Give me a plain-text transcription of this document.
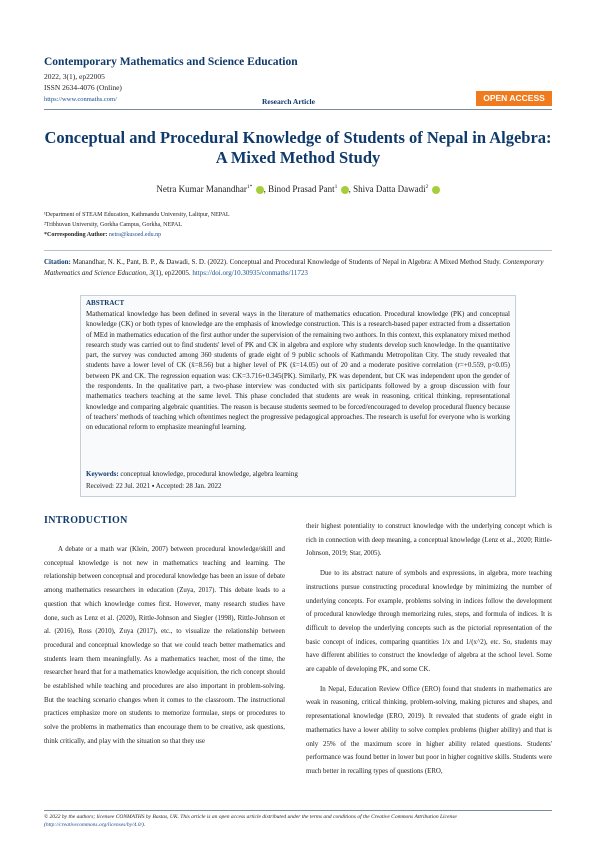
Contemporary Mathematics and Science Education
2022, 3(1), ep22005
ISSN 2634-4076 (Online)
https://www.conmaths.com/	Research Article	OPEN ACCESS
Conceptual and Procedural Knowledge of Students of Nepal in Algebra: A Mixed Method Study
Netra Kumar Manandhar$^{1*}$ , Binod Prasad Pant$^1$ , Shiva Datta Dawadi$^2$
¹Department of STEAM Education, Kathmandu University, Lalitpur, NEPAL
²Tribhuvan University, Gorkha Campus, Gorkha, NEPAL
*Corresponding Author: netra@kusoed.edu.np
Citation: Manandhar, N. K., Pant, B. P., & Dawadi, S. D. (2022). Conceptual and Procedural Knowledge of Students of Nepal in Algebra: A Mixed Method Study. Contemporary Mathematics and Science Education, 3(1), ep22005. https://doi.org/10.30935/conmaths/11723
ABSTRACT
Mathematical knowledge has been defined in several ways in the literature of mathematics education. Procedural knowledge (PK) and conceptual knowledge (CK) or both types of knowledge are the emphasis of knowledge construction. This is a research-based paper extracted from a dissertation of MEd in mathematics education of the first author under the supervision of the remaining two authors. In this context, this explanatory mixed method research study was carried out to find students' level of PK and CK in algebra and explore why students develop such knowledge. In the quantitative part, the survey was conducted among 360 students of grade eight of 9 public schools of Kathmandu Metropolitan City. The study revealed that students have a lower level of CK (x̄=8.56) but a higher level of PK (x̄=14.05) out of 20 and a moderate positive correlation (r=+0.559, p<0.05) between PK and CK. The regression equation was: CK=3.716+0.345(PK). Similarly, PK was dependent, but CK was independent upon the gender of the respondents. In the qualitative part, a two-phase interview was conducted with six participants followed by a group discussion with four mathematics teachers teaching at the same level. This phase concluded that students are weak in reasoning, critical thinking, representational knowledge and comparing algebraic quantities. The reason is because students seemed to be forced/encouraged to develop procedural fluency because of teachers' methods of teaching which oftentimes neglect the progressive pedagogical approaches. The research is useful for everyone who is working on educational reform to emphasize meaningful learning.
Keywords: conceptual knowledge, procedural knowledge, algebra learning
Received: 22 Jul. 2021 ▪ Accepted: 28 Jan. 2022
INTRODUCTION

A debate or a math war (Klein, 2007) between procedural knowledge/skill and conceptual knowledge is not new in mathematics teaching and learning. The relationship between conceptual and procedural knowledge has been an issue of debate among mathematics researchers in education (Zuya, 2017). This debate leads to a question that which knowledge comes first. However, many research studies have done, such as Lenz et al. (2020), Rittle-Johnson and Siegler (1998), Rittle-Johnson et al. (2016), Ross (2010), Zuya (2017), etc., to visualize the relationship between procedural and conceptual knowledge so that we could teach better mathematics and students learn them meaningfully. As a mathematics teacher, most of the time, the researcher heard that for a mathematics knowledge acquisition, the rich concept should be established while teaching and procedures are also important in problem-solving. But the teaching scenario changes when it comes to the classroom. The instructional practices emphasize more on students to memorize formulae, steps or procedures to solve the problems in mathematics than encourage them to be creative, ask questions, think critically, and play with the situation so that they use

their highest potentiality to construct knowledge with the underlying concept which is rich in connection with deep meaning, a conceptual knowledge (Lenz et al., 2020; Rittle-Johnson, 2019; Star, 2005).

Due to its abstract nature of symbols and expressions, in algebra, more teaching instructions pursue constructing procedural knowledge by minimizing the number of underlying concepts. For example, problems solving in indices follow the development of procedural knowledge through memorizing rules, steps, and formula of indices. It is difficult to develop the underlying concepts such as the pictorial representation of the basic concept of indices, comparing quantities 1/x and 1/(x^2), etc. So, students may have different abilities to construct the knowledge of algebra at the school level. Some are capable of developing PK, and some CK.

In Nepal, Education Review Office (ERO) found that students in mathematics are weak in reasoning, critical thinking, problem-solving, making pictures and shapes, and representational knowledge (ERO, 2019). It revealed that students of grade eight in mathematics have a lower ability to solve complex problems (higher ability) and that is only 25% of the maximum score in higher ability related questions. Students' performance was found better in lower but poor in higher cognitive skills. Students were much better in recalling types of questions (ERO,

© 2022 by the authors; licensee CONMATHS by Bastas, UK. This article is an open access article distributed under the terms and conditions of the Creative Commons Attribution License (http://creativecommons.org/licenses/by/4.0/).
